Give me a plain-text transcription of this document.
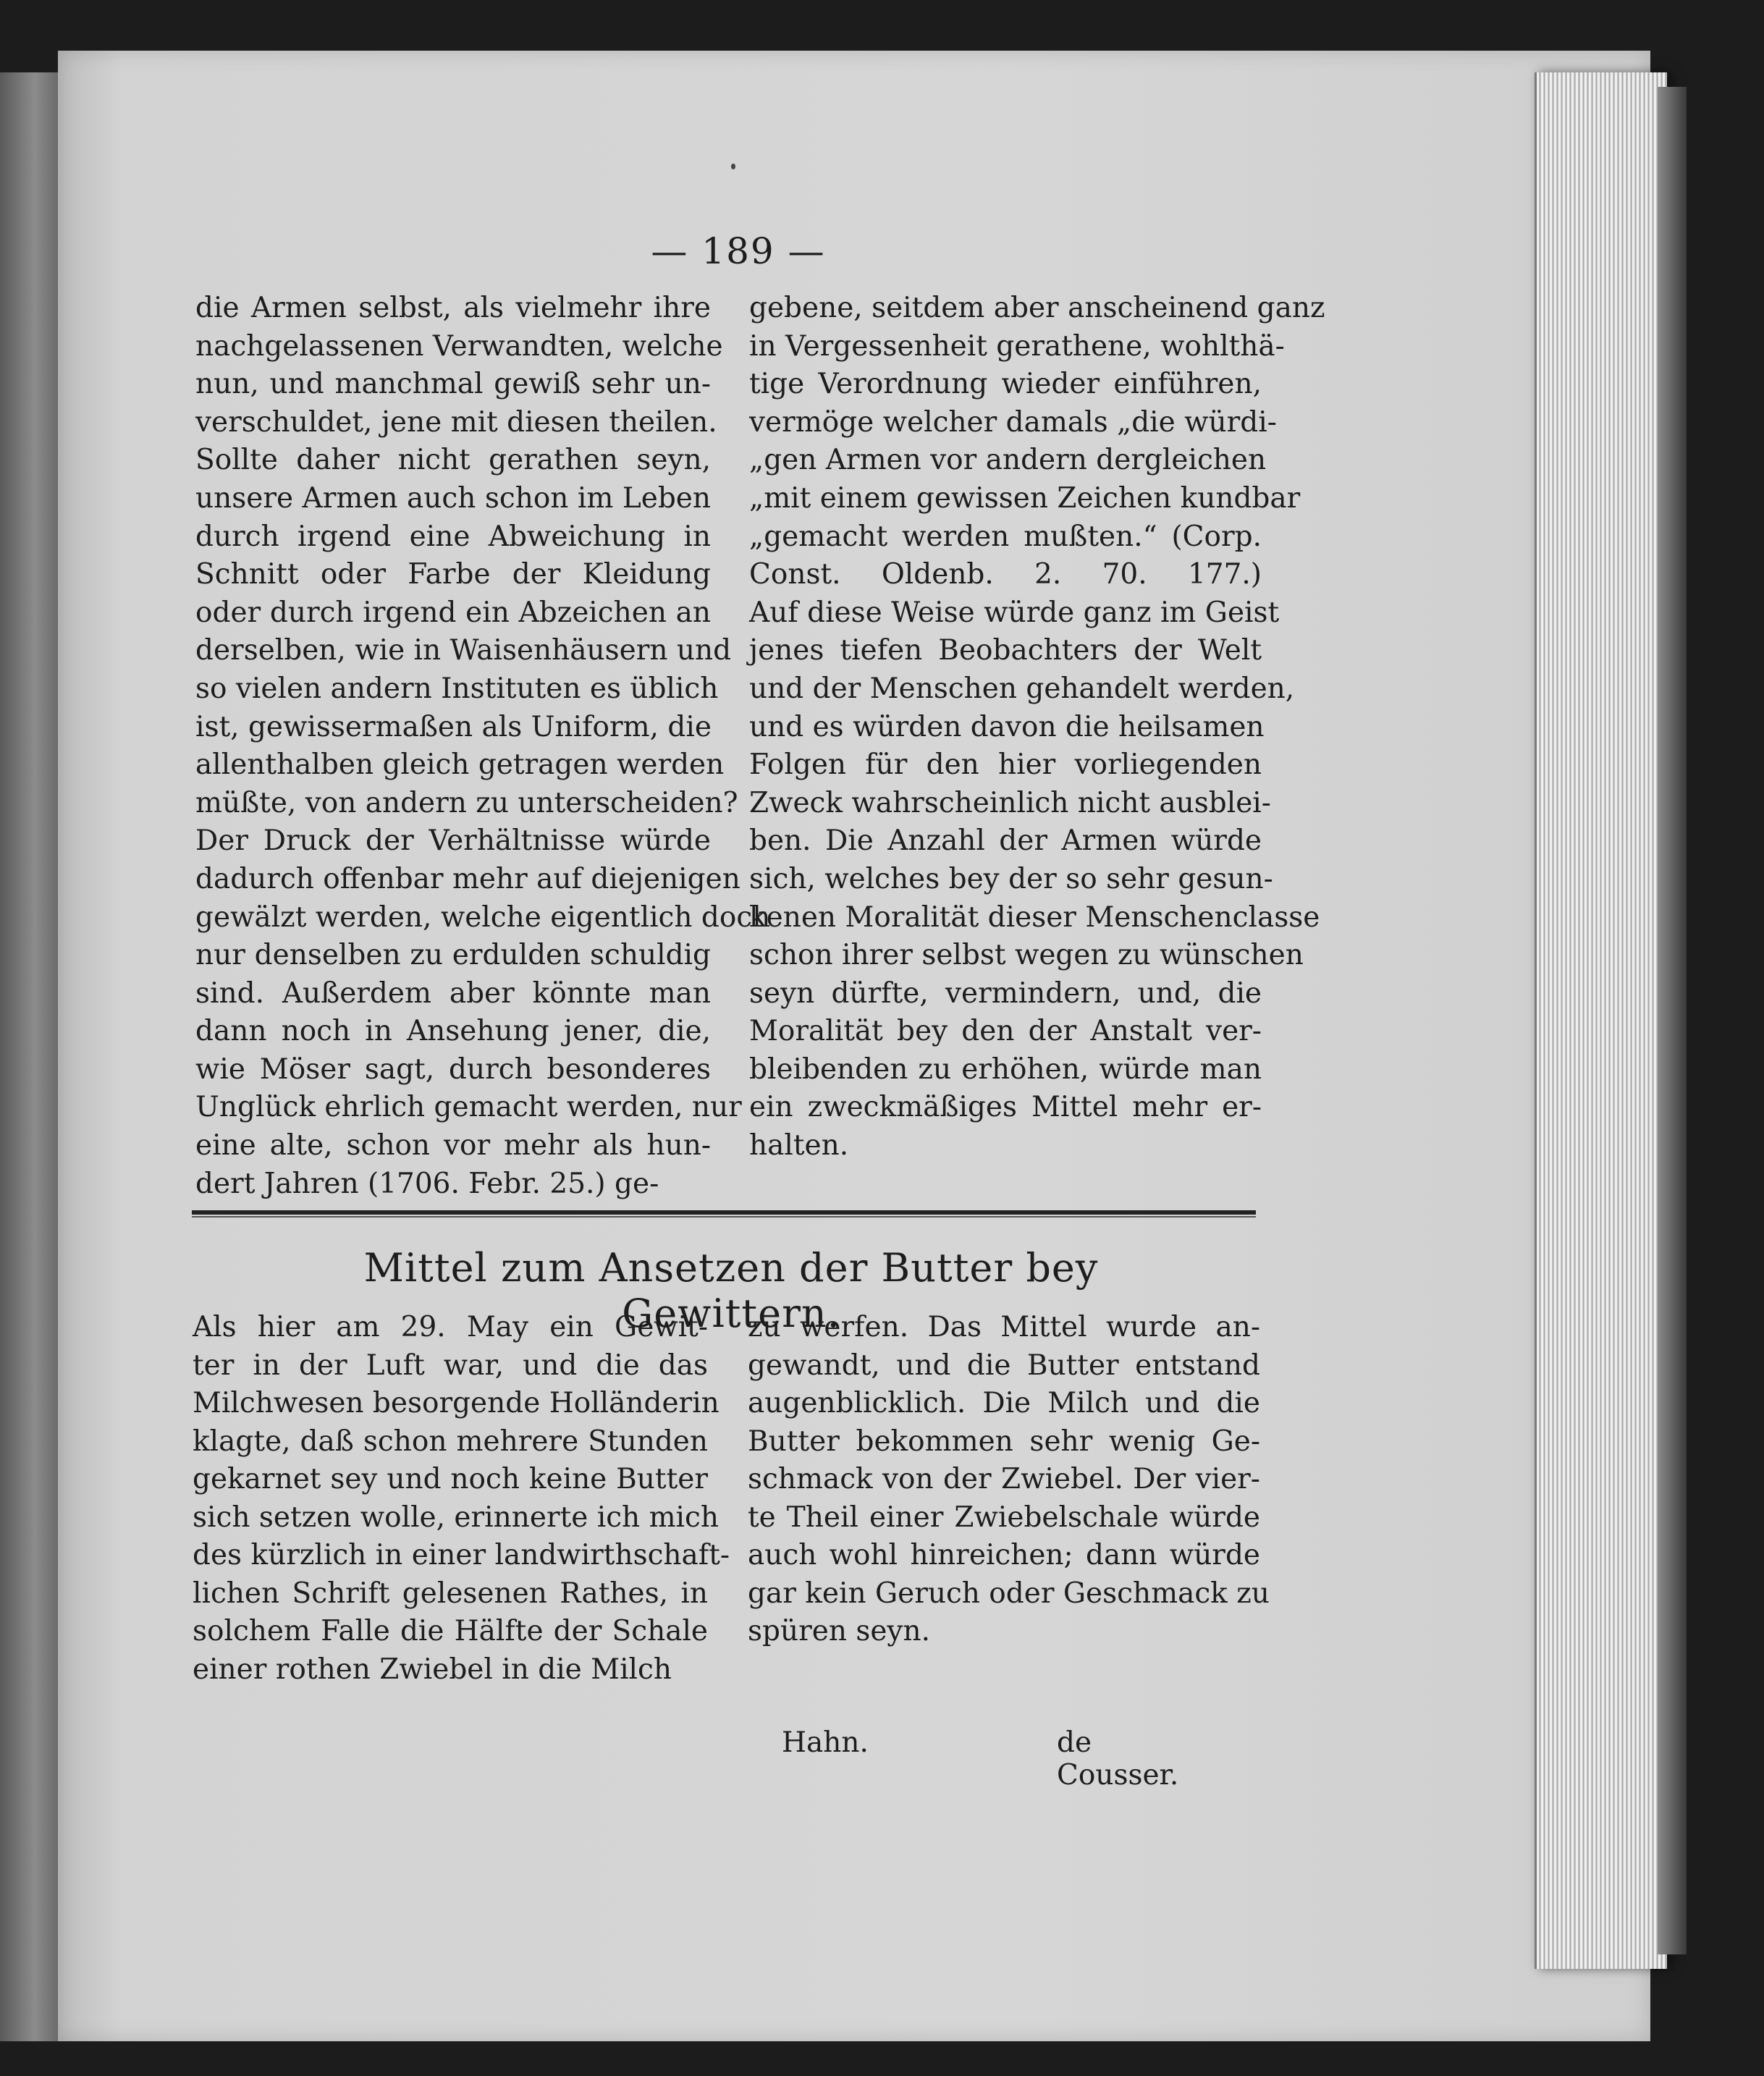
— 189 —
die Armen selbst, als vielmehr ihre
nachgelassenen Verwandten, welche
nun, und manchmal gewiß sehr un-
verschuldet, jene mit diesen theilen.
Sollte daher nicht gerathen seyn,
unsere Armen auch schon im Leben
durch irgend eine Abweichung in
Schnitt oder Farbe der Kleidung
oder durch irgend ein Abzeichen an
derselben, wie in Waisenhäusern und
so vielen andern Instituten es üblich
ist, gewissermaßen als Uniform, die
allenthalben gleich getragen werden
müßte, von andern zu unterscheiden?
Der Druck der Verhältnisse würde
dadurch offenbar mehr auf diejenigen
gewälzt werden, welche eigentlich doch
nur denselben zu erdulden schuldig
sind. Außerdem aber könnte man
dann noch in Ansehung jener, die,
wie Möser sagt, durch besonderes
Unglück ehrlich gemacht werden, nur
eine alte, schon vor mehr als hun-
dert Jahren (1706. Febr. 25.) ge-
gebene, seitdem aber anscheinend ganz
in Vergessenheit gerathene, wohlthä-
tige Verordnung wieder einführen,
vermöge welcher damals „die würdi-
„gen Armen vor andern dergleichen
„mit einem gewissen Zeichen kundbar
„gemacht werden mußten.“ (Corp.
Const. Oldenb. 2. 70. 177.)
Auf diese Weise würde ganz im Geist
jenes tiefen Beobachters der Welt
und der Menschen gehandelt werden,
und es würden davon die heilsamen
Folgen für den hier vorliegenden
Zweck wahrscheinlich nicht ausblei-
ben. Die Anzahl der Armen würde
sich, welches bey der so sehr gesun-
kenen Moralität dieser Menschenclasse
schon ihrer selbst wegen zu wünschen
seyn dürfte, vermindern, und, die
Moralität bey den der Anstalt ver-
bleibenden zu erhöhen, würde man
ein zweckmäßiges Mittel mehr er-
halten.
Mittel zum Ansetzen der Butter bey Gewittern.
Als hier am 29. May ein Gewit-
ter in der Luft war, und die das
Milchwesen besorgende Holländerin
klagte, daß schon mehrere Stunden
gekarnet sey und noch keine Butter
sich setzen wolle, erinnerte ich mich
des kürzlich in einer landwirthschaft-
lichen Schrift gelesenen Rathes, in
solchem Falle die Hälfte der Schale
einer rothen Zwiebel in die Milch
zu werfen. Das Mittel wurde an-
gewandt, und die Butter entstand
augenblicklich. Die Milch und die
Butter bekommen sehr wenig Ge-
schmack von der Zwiebel. Der vier-
te Theil einer Zwiebelschale würde
auch wohl hinreichen; dann würde
gar kein Geruch oder Geschmack zu
spüren seyn.
Hahn.	de Cousser.
